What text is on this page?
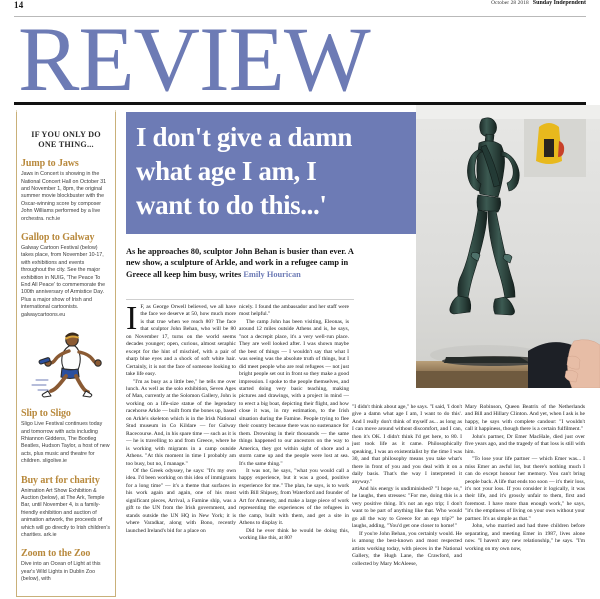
14	October 28 2018 Sunday Independent
REVIEW
IF YOU ONLY DO ONE THING...
Jump to Jaws
Jaws in Concert is showing in the National Concert Hall on October 31 and November 1, 8pm, the original summer movie blockbuster with the Oscar-winning score by composer John Williams performed by a live orchestra. nch.ie
Gallop to Galway
Galway Cartoon Festival (below) takes place, from November 10-17, with exhibitions and events throughout the city. See the major exhibition in NUIG, 'The Peace To End All Peace' to commemorate the 100th anniversary of Armistice Day. Plus a major show of Irish and international cartoonists. galwaycartoons.eu
Slip to Sligo
Sligo Live Festival continues today and tomorrow with acts including Rhiannon Giddens, The Bootleg Beatles, Hudson Taylor, a host of new acts, plus music and theatre for children. sligolive.ie
Buy art for charity
Animation Art Show Exhibition & Auction (below), at The Ark, Temple Bar, until November 4, is a family-friendly exhibition and auction of animation artwork, the proceeds of which will go directly to Irish children's charities. ark.ie
Zoom to the Zoo
Dive into an Ocean of Light at this year's Wild Lights in Dublin Zoo (below), with
I don't give a damn
what age I am, I
want to do this...'
As he approaches 80, sculptor John Behan is busier than ever. A new show, a sculpture of Arkle, and work in a refugee camp in Greece all keep him busy, writes Emily Hourican

I F, as George Orwell believed, we all have the face we deserve at 50, how much more is that true when we reach 80? The face that sculptor John Behan, who will be 80 on November 17, turns on the world seems decades younger; open, curious, almost seraphic except for the hint of mischief, with a pair of sharp blue eyes and a shock of soft white hair. Certainly, it is not the face of someone looking to take life easy.

"I'm as busy as a little bee," he tells me over lunch. As well as the solo exhibition, Seven Ages of Man, currently at the Solomon Gallery, John is working on a life-size statue of the legendary racehorse Arkle — built from the bones up, based on Arkle's skeleton which is in the Irish National Stud museum in Co Kildare — for Galway Racecourse. And, in his spare time — such as it is — he is travelling to and from Greece, where he is working with migrants in a camp outside Athens. "At this moment in time I probably am too busy, but no, I manage."

Of the Greek odyssey, he says: "It's my own idea. I'd been working on this idea of immigrants for a long time" — it's a theme that surfaces in his work again and again, one of his most significant pieces, Arrival, a Famine ship, was a gift to the UN from the Irish government, and stands outside the UN HQ in New York; it is where Varadkar, along with Bono, recently launched Ireland's bid for a place on

nicely. I found the ambassador and her staff were most helpful."

The camp John has been visiting, Eleonas, is around 12 miles outside Athens and is, he says, "not a decrepit place, it's a very well-run place. They are well looked after. I was shown maybe the best of things — I wouldn't say that what I was seeing was the absolute truth of things, but I did meet people who are real refugees — not just bright people set out in front so they make a good impression. I spoke to the people themselves, and started doing very basic teaching, making pictures and drawings, with a project in mind — to erect a big boat, depicting their flight, and how close it was, in my estimation, to the Irish situation during the Famine. People trying to flee their country because there was no sustenance for them. Drowning in their thousands — the same things happened to our ancestors on the way to America, they got within sight of shore and a storm came up and the people were lost at sea. It's the same thing."

It was not, he says, "what you would call a happy experience, but it was a good, positive experience for me." The plan, he says, is to work with Bill Shipsey, from Waterford and founder of Art for Amnesty, and make a large piece of work representing the experiences of the refugees in the camp, built with them, and get a site in Athens to display it.

Did he ever think he would be doing this, working like this, at 80?

"I didn't think about age," he says. "I said, 'I don't give a damn what age I am, I want to do this'. And I really don't think of myself as... as long as I can move around without discomfort, and I can, then it's OK. I didn't think I'd get here, to 80. I just took life as it came. Philosophically speaking, I was an existentialist by the time I was 30, and that philosophy means you take what's there in front of you and you deal with it on a daily basis. That's the way I interpreted it anyway."

And his energy is undiminished? "I hope so," he laughs, then stresses: "For me, doing this is a very positive thing. It's not an ego trip; I don't want to be part of anything like that. Who would go all the way to Greece for an ego trip?" he laughs, adding, "You'd get one closer to home!"

If you're John Behan, you certainly would. He is among the best-known and most respected artists working today, with pieces in the National Gallery, the Hugh Lane, the Crawford, and collected by Mary McAleese,

Mary Robinson, Queen Beatrix of the Netherlands and Bill and Hillary Clinton. And yet, when I ask is he happy, he says with complete candour: "I wouldn't call it happiness, though there is a certain fulfilment."

John's partner, Dr Emer MacHale, died just over five years ago, and the tragedy of that loss is still with him.

"To lose your life partner — which Emer was... I miss Emer an awful lot, but there's nothing much I can do except honour her memory. You can't bring people back. A life that ends too soon — it's their loss, it's not your loss. If you consider it logically, it was their life, and it's grossly unfair to them, first and foremost. I have more than enough work," he says, "it's the emptiness of living on your own without your partner. It's as simple as that."

John, who married and had three children before separating, and meeting Emer in 1987, lives alone now. "I haven't any new relationship," he says. "I'm working on my own now,
